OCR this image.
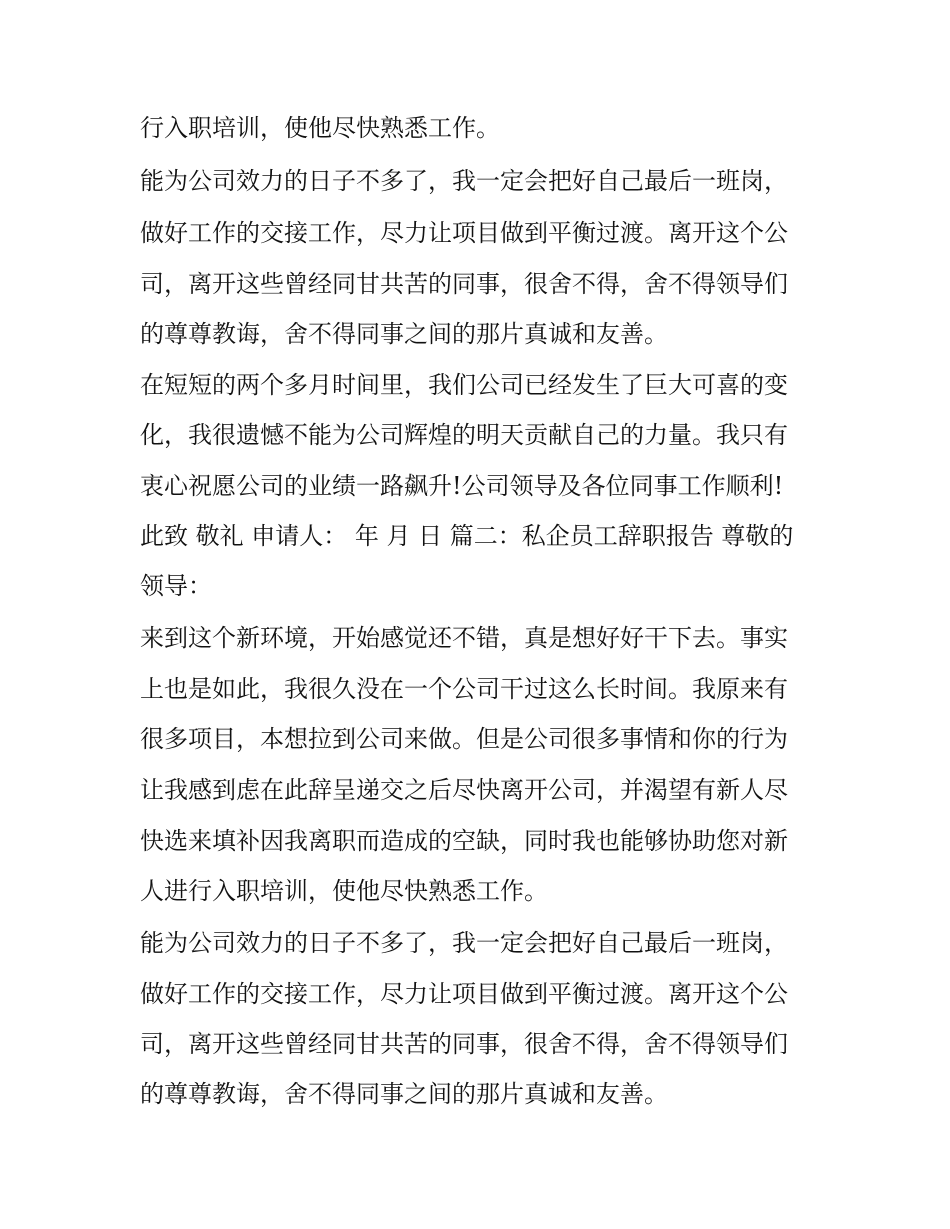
行入职培训，使他尽快熟悉工作。
能为公司效力的日子不多了，我一定会把好自己最后一班岗，
做好工作的交接工作，尽力让项目做到平衡过渡。离开这个公
司，离开这些曾经同甘共苦的同事，很舍不得，舍不得领导们
的尊尊教诲，舍不得同事之间的那片真诚和友善。
在短短的两个多月时间里，我们公司已经发生了巨大可喜的变
化，我很遗憾不能为公司辉煌的明天贡献自己的力量。我只有
衷心祝愿公司的业绩一路飙升!公司领导及各位同事工作顺利!
此致 敬礼 申请人： 年 月 日 篇二：私企员工辞职报告 尊敬的
领导：
来到这个新环境，开始感觉还不错，真是想好好干下去。事实
上也是如此，我很久没在一个公司干过这么长时间。我原来有
很多项目，本想拉到公司来做。但是公司很多事情和你的行为
让我感到虑在此辞呈递交之后尽快离开公司，并渴望有新人尽
快选来填补因我离职而造成的空缺，同时我也能够协助您对新
人进行入职培训，使他尽快熟悉工作。
能为公司效力的日子不多了，我一定会把好自己最后一班岗，
做好工作的交接工作，尽力让项目做到平衡过渡。离开这个公
司，离开这些曾经同甘共苦的同事，很舍不得，舍不得领导们
的尊尊教诲，舍不得同事之间的那片真诚和友善。
